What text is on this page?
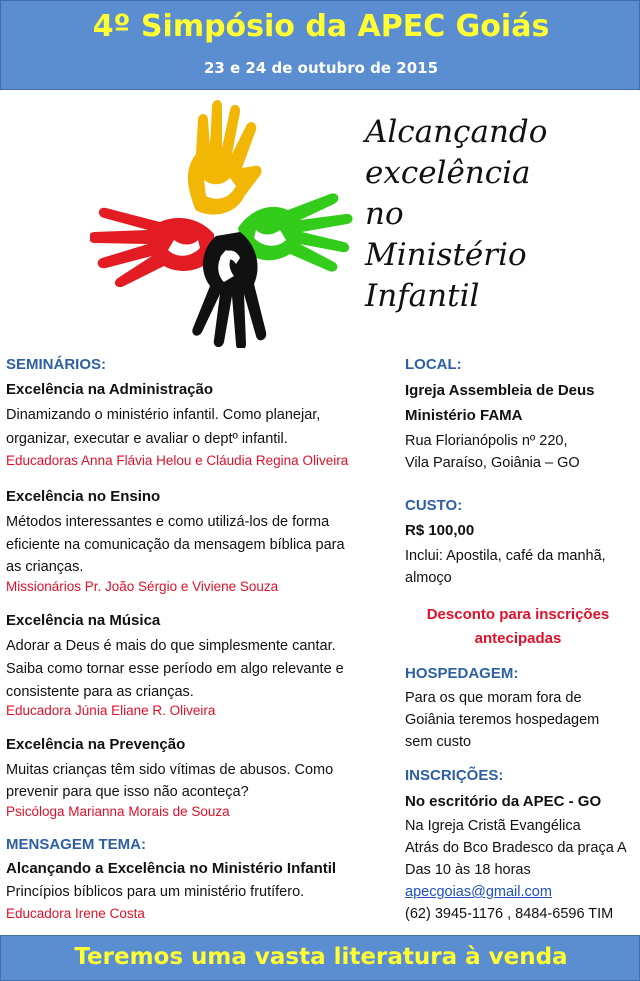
4º Simpósio da APEC Goiás
23 e 24 de outubro de 2015
Alcançando
excelência
no
Ministério
Infantil
SEMINÁRIOS:
Excelência na Administração
Dinamizando o ministério infantil. Como planejar,
organizar, executar e avaliar o deptº infantil.
Educadoras Anna Flávia Helou e Cláudia Regina Oliveira
Excelência no Ensino
Métodos interessantes e como utilizá-los de forma
eficiente na comunicação da mensagem bíblica para
as crianças.
Missionários Pr. João Sérgio e Viviene Souza
Excelência na Música
Adorar a Deus é mais do que simplesmente cantar.
Saiba como tornar esse período em algo relevante e
consistente para as crianças.
Educadora Júnia Eliane R. Oliveira
Excelência na Prevenção
Muitas crianças têm sido vítimas de abusos. Como
prevenir para que isso não aconteça?
Psicóloga Marianna Morais de Souza
MENSAGEM TEMA:
Alcançando a Excelência no Ministério Infantil
Princípios bíblicos para um ministério frutífero.
Educadora Irene Costa
LOCAL:
Igreja Assembleia de Deus
Ministério FAMA
Rua Florianópolis nº 220,
Vila Paraíso, Goiânia – GO
CUSTO:
R$ 100,00
Inclui: Apostila, café da manhã,
almoço
Desconto para inscrições
antecipadas
HOSPEDAGEM:
Para os que moram fora de
Goiânia teremos hospedagem
sem custo
INSCRIÇÕES:
No escritório da APEC - GO
Na Igreja Cristã Evangélica
Atrás do Bco Bradesco da praça A
Das 10 às 18 horas
apecgoias@gmail.com
(62) 3945-1176 , 8484-6596 TIM
Teremos uma vasta literatura à venda
